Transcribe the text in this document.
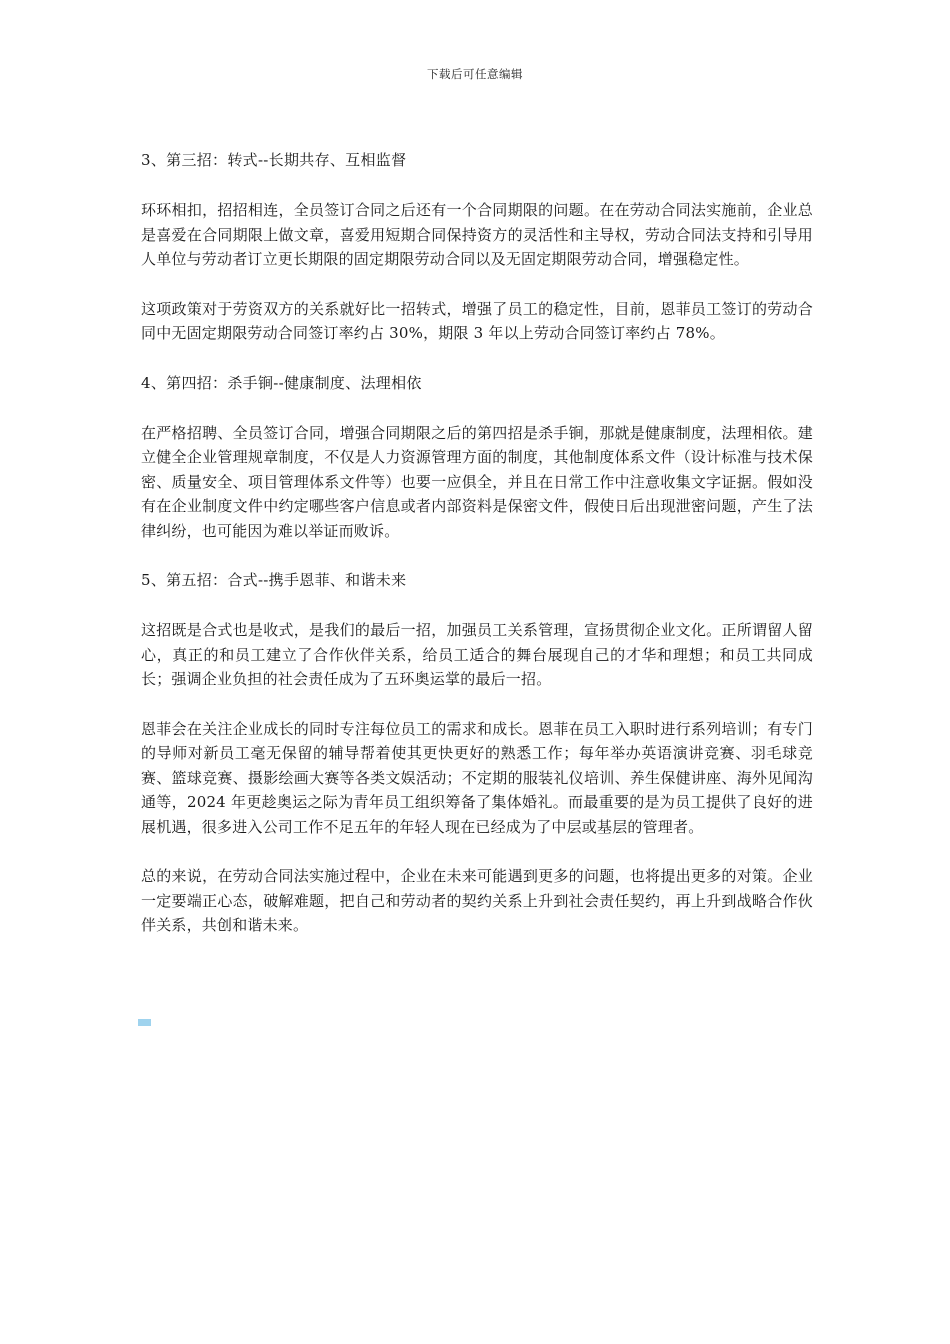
下载后可任意编辑
3、第三招：转式--长期共存、互相监督

环环相扣，招招相连，全员签订合同之后还有一个合同期限的问题。在在劳动合同法实施前，企业总是喜爱在合同期限上做文章，喜爱用短期合同保持资方的灵活性和主导权，劳动合同法支持和引导用人单位与劳动者订立更长期限的固定期限劳动合同以及无固定期限劳动合同，增强稳定性。

这项政策对于劳资双方的关系就好比一招转式，增强了员工的稳定性，目前，恩菲员工签订的劳动合同中无固定期限劳动合同签订率约占 30%，期限 3 年以上劳动合同签订率约占 78%。

4、第四招：杀手锏--健康制度、法理相依

在严格招聘、全员签订合同，增强合同期限之后的第四招是杀手锏，那就是健康制度，法理相依。建立健全企业管理规章制度，不仅是人力资源管理方面的制度，其他制度体系文件（设计标准与技术保密、质量安全、项目管理体系文件等）也要一应俱全，并且在日常工作中注意收集文字证据。假如没有在企业制度文件中约定哪些客户信息或者内部资料是保密文件，假使日后出现泄密问题，产生了法律纠纷，也可能因为难以举证而败诉。

5、第五招：合式--携手恩菲、和谐未来

这招既是合式也是收式，是我们的最后一招，加强员工关系管理，宣扬贯彻企业文化。正所谓留人留心，真正的和员工建立了合作伙伴关系，给员工适合的舞台展现自己的才华和理想；和员工共同成长；强调企业负担的社会责任成为了五环奥运掌的最后一招。

恩菲会在关注企业成长的同时专注每位员工的需求和成长。恩菲在员工入职时进行系列培训；有专门的导师对新员工毫无保留的辅导帮着使其更快更好的熟悉工作；每年举办英语演讲竞赛、羽毛球竞赛、篮球竞赛、摄影绘画大赛等各类文娱活动；不定期的服装礼仪培训、养生保健讲座、海外见闻沟通等，2024 年更趁奥运之际为青年员工组织筹备了集体婚礼。而最重要的是为员工提供了良好的进展机遇，很多进入公司工作不足五年的年轻人现在已经成为了中层或基层的管理者。

总的来说，在劳动合同法实施过程中，企业在未来可能遇到更多的问题，也将提出更多的对策。企业一定要端正心态，破解难题，把自己和劳动者的契约关系上升到社会责任契约，再上升到战略合作伙伴关系，共创和谐未来。
